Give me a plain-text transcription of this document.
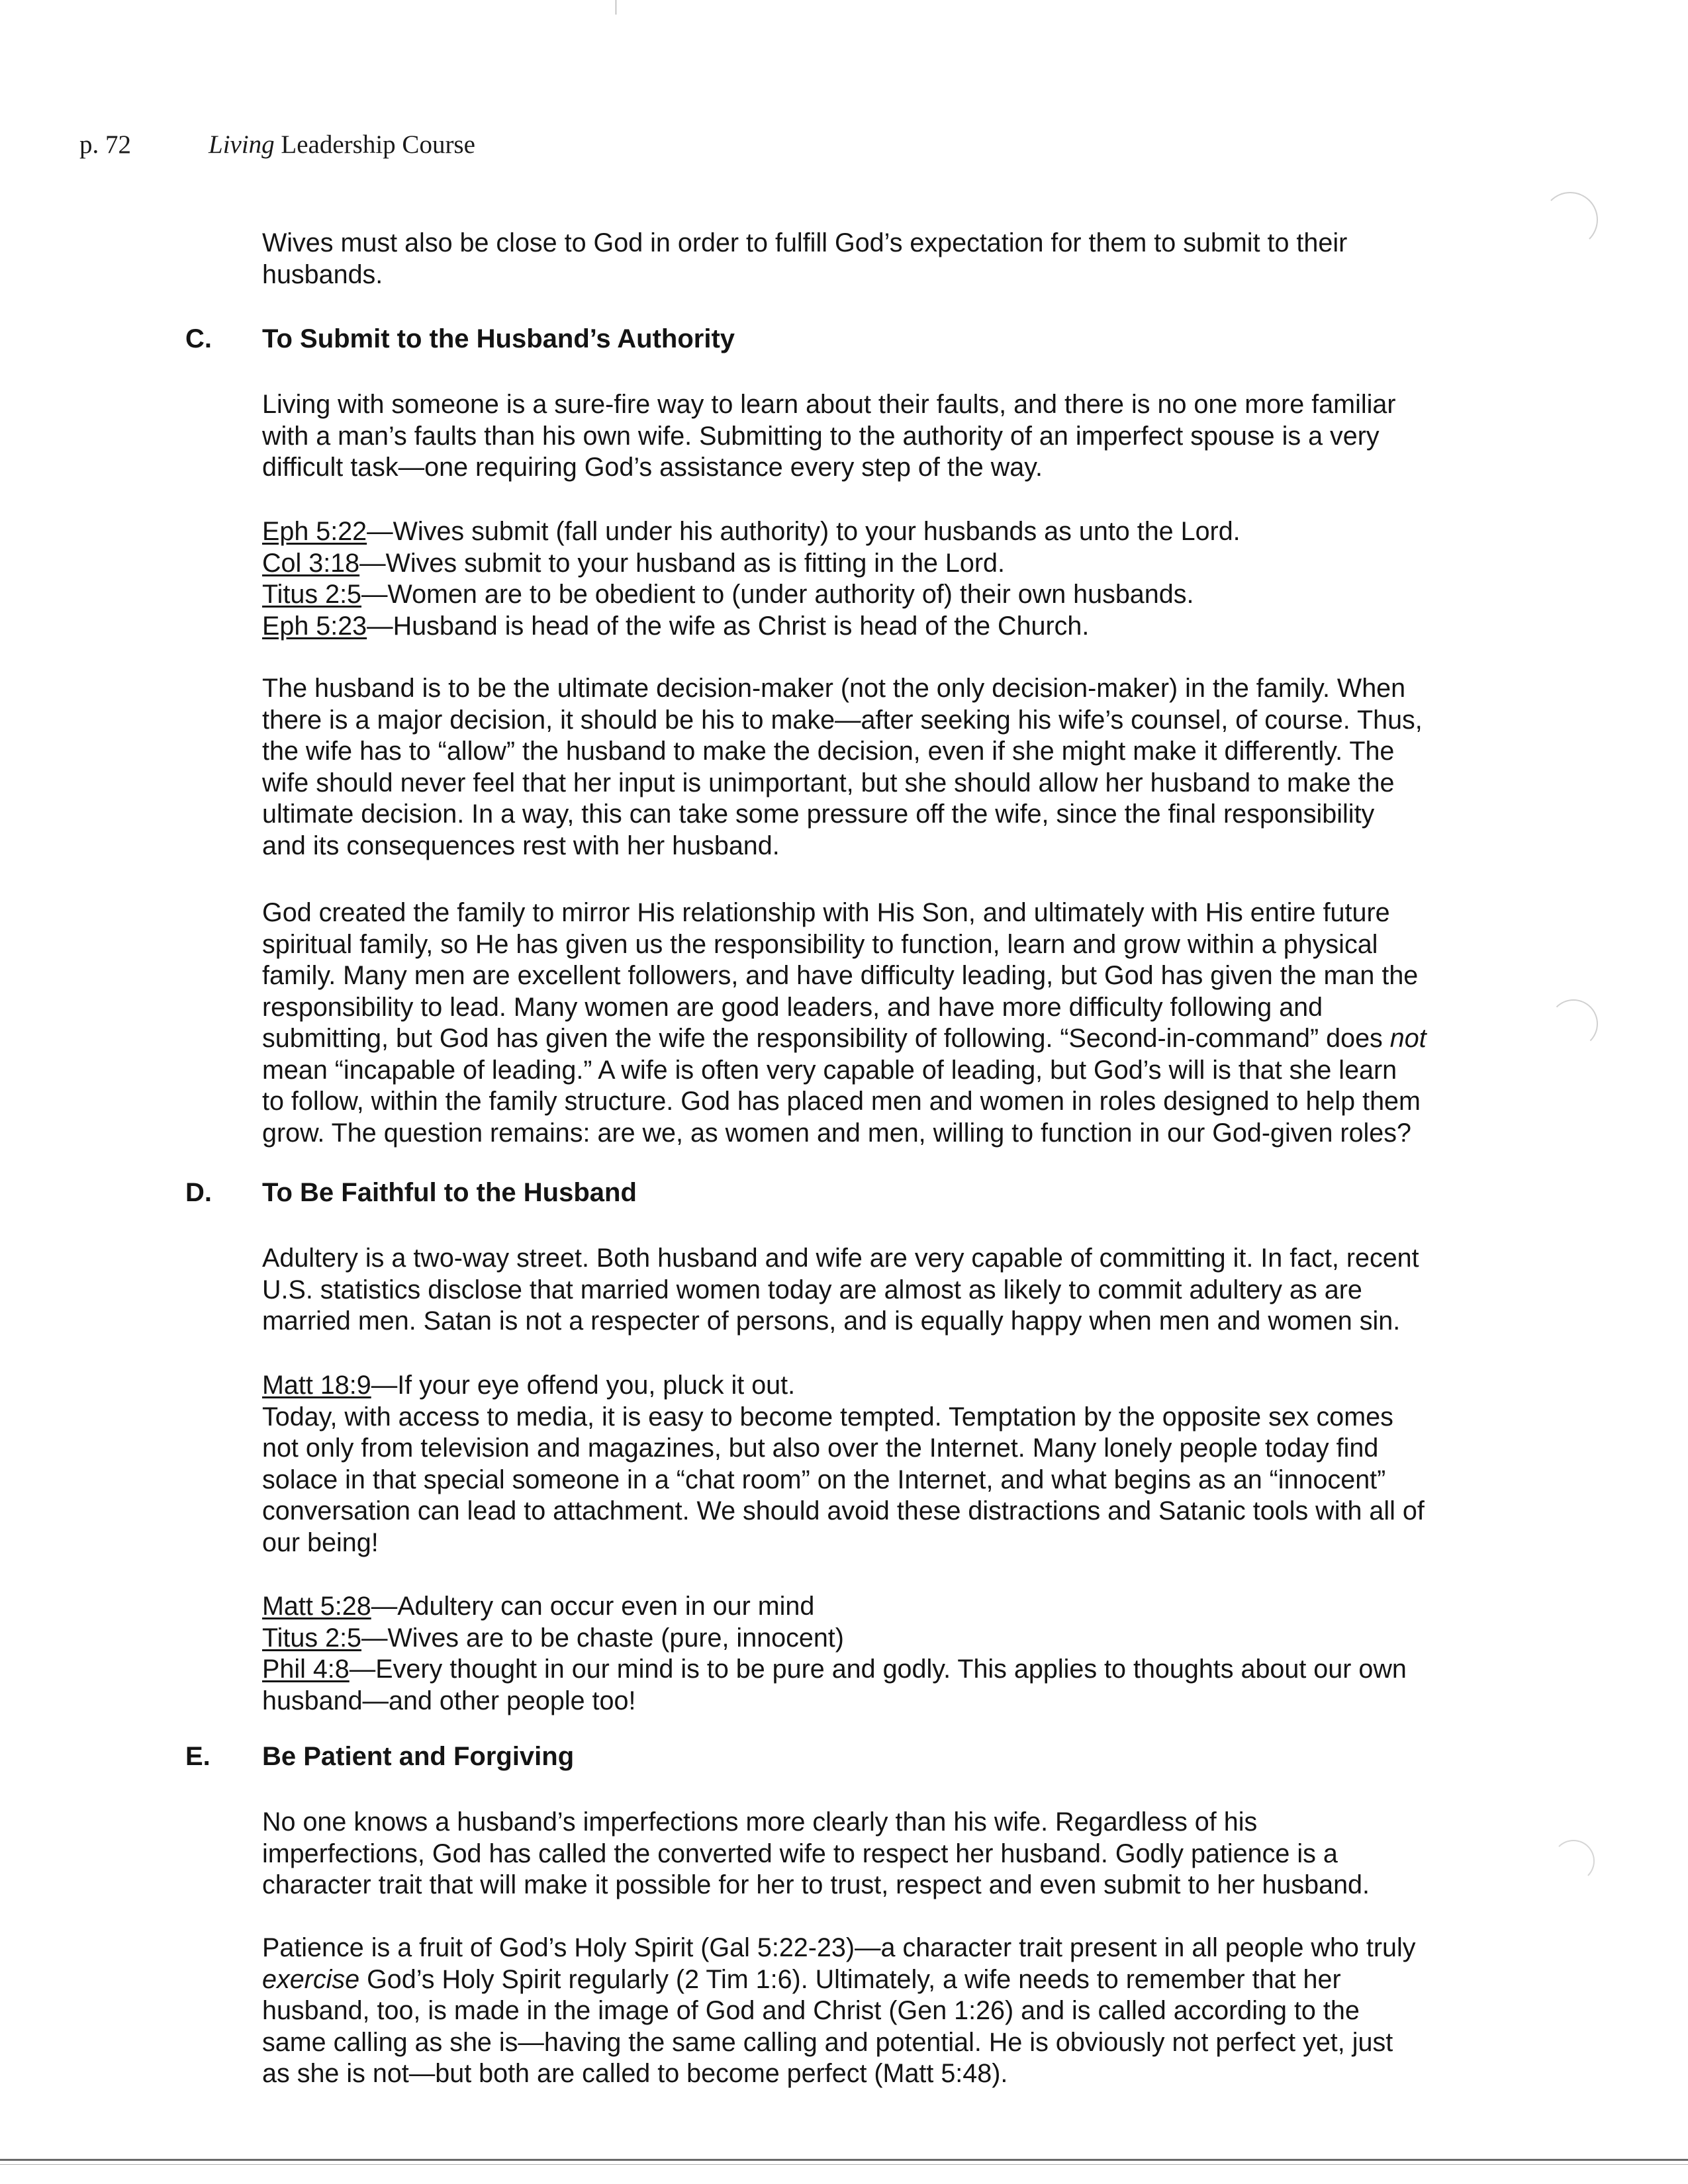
p. 72	Living Leadership Course
Wives must also be close to God in order to fulfill God’s expectation for them to submit to their
husbands.
C. To Submit to the Husband’s Authority
Living with someone is a sure-fire way to learn about their faults, and there is no one more familiar
with a man’s faults than his own wife. Submitting to the authority of an imperfect spouse is a very
difficult task—one requiring God’s assistance every step of the way.
Eph 5:22—Wives submit (fall under his authority) to your husbands as unto the Lord.
Col 3:18—Wives submit to your husband as is fitting in the Lord.
Titus 2:5—Women are to be obedient to (under authority of) their own husbands.
Eph 5:23—Husband is head of the wife as Christ is head of the Church.
The husband is to be the ultimate decision-maker (not the only decision-maker) in the family. When
there is a major decision, it should be his to make—after seeking his wife’s counsel, of course. Thus,
the wife has to “allow” the husband to make the decision, even if she might make it differently. The
wife should never feel that her input is unimportant, but she should allow her husband to make the
ultimate decision. In a way, this can take some pressure off the wife, since the final responsibility
and its consequences rest with her husband.
God created the family to mirror His relationship with His Son, and ultimately with His entire future
spiritual family, so He has given us the responsibility to function, learn and grow within a physical
family. Many men are excellent followers, and have difficulty leading, but God has given the man the
responsibility to lead. Many women are good leaders, and have more difficulty following and
submitting, but God has given the wife the responsibility of following. “Second-in-command” does not
mean “incapable of leading.” A wife is often very capable of leading, but God’s will is that she learn
to follow, within the family structure. God has placed men and women in roles designed to help them
grow. The question remains: are we, as women and men, willing to function in our God-given roles?
D. To Be Faithful to the Husband
Adultery is a two-way street. Both husband and wife are very capable of committing it. In fact, recent
U.S. statistics disclose that married women today are almost as likely to commit adultery as are
married men. Satan is not a respecter of persons, and is equally happy when men and women sin.
Matt 18:9—If your eye offend you, pluck it out.
Today, with access to media, it is easy to become tempted. Temptation by the opposite sex comes
not only from television and magazines, but also over the Internet. Many lonely people today find
solace in that special someone in a “chat room” on the Internet, and what begins as an “innocent”
conversation can lead to attachment. We should avoid these distractions and Satanic tools with all of
our being!
Matt 5:28—Adultery can occur even in our mind
Titus 2:5—Wives are to be chaste (pure, innocent)
Phil 4:8—Every thought in our mind is to be pure and godly. This applies to thoughts about our own
husband—and other people too!
E. Be Patient and Forgiving
No one knows a husband’s imperfections more clearly than his wife. Regardless of his
imperfections, God has called the converted wife to respect her husband. Godly patience is a
character trait that will make it possible for her to trust, respect and even submit to her husband.
Patience is a fruit of God’s Holy Spirit (Gal 5:22-23)—a character trait present in all people who truly
exercise God’s Holy Spirit regularly (2 Tim 1:6). Ultimately, a wife needs to remember that her
husband, too, is made in the image of God and Christ (Gen 1:26) and is called according to the
same calling as she is—having the same calling and potential. He is obviously not perfect yet, just
as she is not—but both are called to become perfect (Matt 5:48).
